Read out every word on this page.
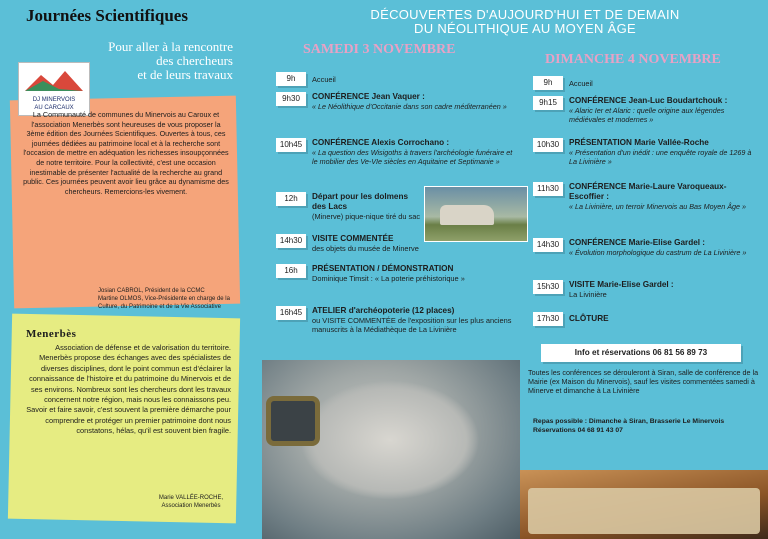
Journées Scientifiques
Pour aller à la rencontre
des chercheurs
et de leurs travaux
DJ MINERVOIS
AU CARCAUX
La Communauté de communes du Minervois au Caroux et l'association Menerbès sont heureuses de vous proposer la 3ème édition des Journées Scientifiques. Ouvertes à tous, ces journées dédiées au patrimoine local et à la recherche sont l'occasion de mettre en adéquation les richesses insoupçonnées de notre territoire. Pour la collectivité, c'est une occasion inestimable de présenter l'actualité de la recherche au grand public. Ces journées peuvent avoir lieu grâce au dynamisme des chercheurs. Remercions-les vivement.
Josian CABROL, Président de la CCMC
Martine OLMOS, Vice-Présidente en charge de la Culture, du Patrimoine et de la Vie Associative
Menerbès
Association de défense et de valorisation du territoire. Menerbès propose des échanges avec des spécialistes de diverses disciplines, dont le point commun est d'éclairer la connaissance de l'histoire et du patrimoine du Minervois et de ses environs. Nombreux sont les chercheurs dont les travaux concernent notre région, mais nous les connaissons peu. Savoir et faire savoir, c'est souvent la première démarche pour comprendre et protéger un premier patrimoine dont nous constatons, hélas, qu'il est souvent bien fragile.
Marie VALLÉE-ROCHE,
Association Menerbès
DÉCOUVERTES D'AUJOURD'HUI ET DE DEMAIN
DU NÉOLITHIQUE AU MOYEN ÂGE
SAMEDI 3 NOVEMBRE
DIMANCHE 4 NOVEMBRE
9h	Accueil
9h30	CONFÉRENCE Jean Vaquer :
« Le Néolithique d'Occitanie dans son cadre méditerranéen »
10h45	CONFÉRENCE Alexis Corrochano :
« La question des Wisigoths à travers l'archéologie funéraire et le mobilier des Ve-VIe siècles en Aquitaine et Septimanie »
12h	Départ pour les dolmens des Lacs
(Minerve) pique-nique tiré du sac
14h30	VISITE COMMENTÉE
des objets du musée de Minerve
16h	PRÉSENTATION / DÉMONSTRATION
Dominique Timsit : « La poterie préhistorique »
16h45	ATELIER d'archéopoterie (12 places)
ou VISITE COMMENTÉE de l'exposition sur les plus anciens manuscrits à la Médiathèque de La Livinière
9h	Accueil
9h15	CONFÉRENCE Jean-Luc Boudartchouk :
« Alaric Ier et Alaric : quelle origine aux légendes médiévales et modernes »
10h30	PRÉSENTATION Marie Vallée-Roche
« Présentation d'un inédit : une enquête royale de 1269 à La Livinière »
11h30	CONFÉRENCE Marie-Laure Varoqueaux-Escoffier :
« La Livinière, un terroir Minervois au Bas Moyen Âge »
14h30	CONFÉRENCE Marie-Elise Gardel :
« Évolution morphologique du castrum de La Livinière »
15h30	VISITE Marie-Elise Gardel :
La Livinière
17h30	CLÔTURE
Info et réservations 06 81 56 89 73
Toutes les conférences se dérouleront à Siran, salle de conférence de la Mairie (ex Maison du Minervois), sauf les visites commentées samedi à Minerve et dimanche à La Livinière
Repas possible : Dimanche à Siran, Brasserie Le Minervois Réservations 04 68 91 43 07
